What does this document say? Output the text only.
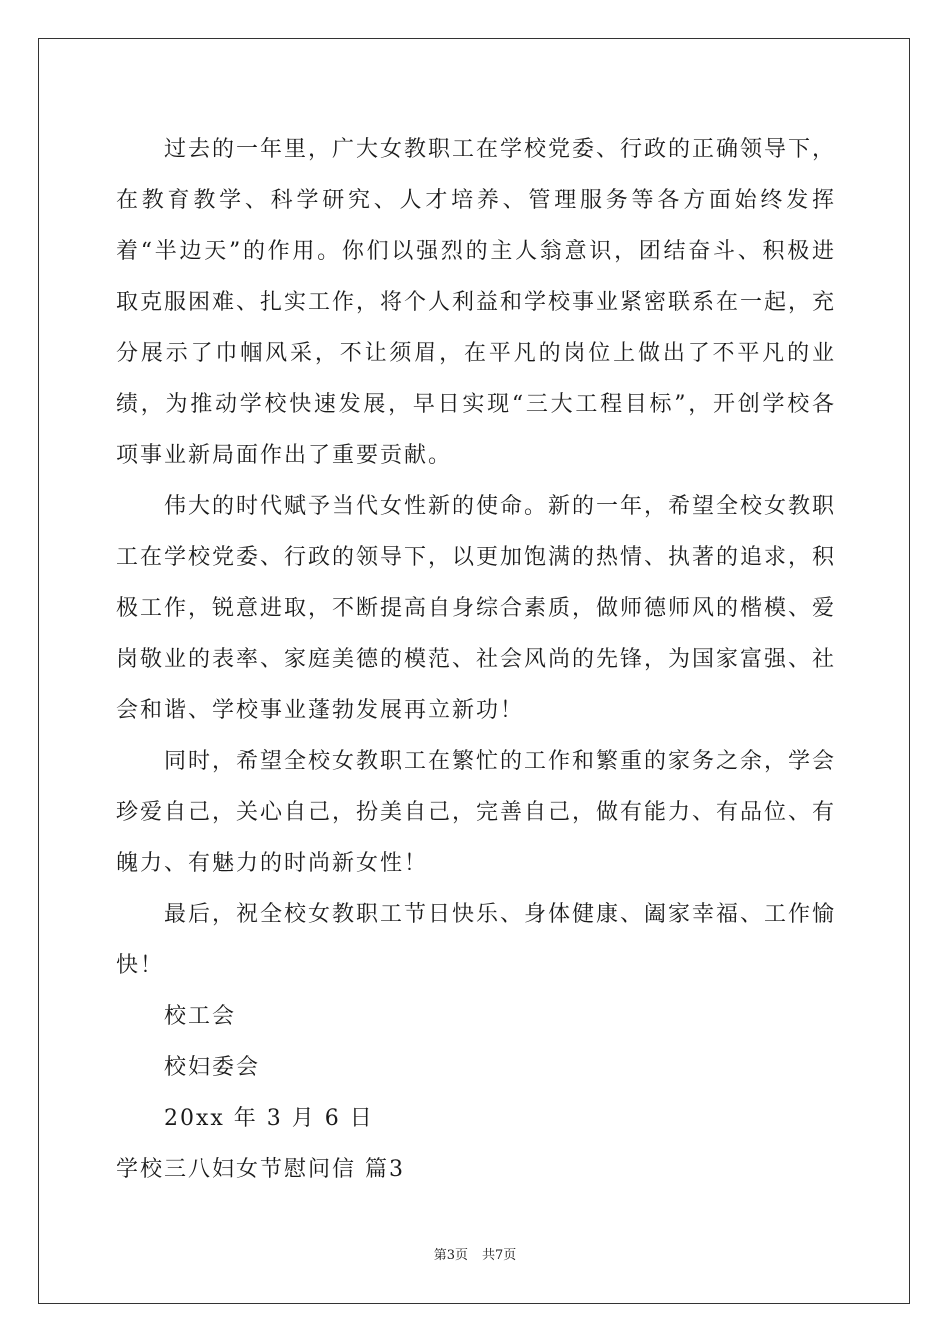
过去的一年里，广大女教职工在学校党委、行政的正确领导下，在教育教学、科学研究、人才培养、管理服务等各方面始终发挥着“半边天”的作用。你们以强烈的主人翁意识，团结奋斗、积极进取克服困难、扎实工作，将个人利益和学校事业紧密联系在一起，充分展示了巾帼风采，不让须眉，在平凡的岗位上做出了不平凡的业绩，为推动学校快速发展，早日实现“三大工程目标”，开创学校各项事业新局面作出了重要贡献。

伟大的时代赋予当代女性新的使命。新的一年，希望全校女教职工在学校党委、行政的领导下，以更加饱满的热情、执著的追求，积极工作，锐意进取，不断提高自身综合素质，做师德师风的楷模、爱岗敬业的表率、家庭美德的模范、社会风尚的先锋，为国家富强、社会和谐、学校事业蓬勃发展再立新功！

同时，希望全校女教职工在繁忙的工作和繁重的家务之余，学会珍爱自己，关心自己，扮美自己，完善自己，做有能力、有品位、有魄力、有魅力的时尚新女性！

最后，祝全校女教职工节日快乐、身体健康、阖家幸福、工作愉快！

校工会

校妇委会

20xx 年 3 月 6 日

学校三八妇女节慰问信 篇3

第3页 共7页
